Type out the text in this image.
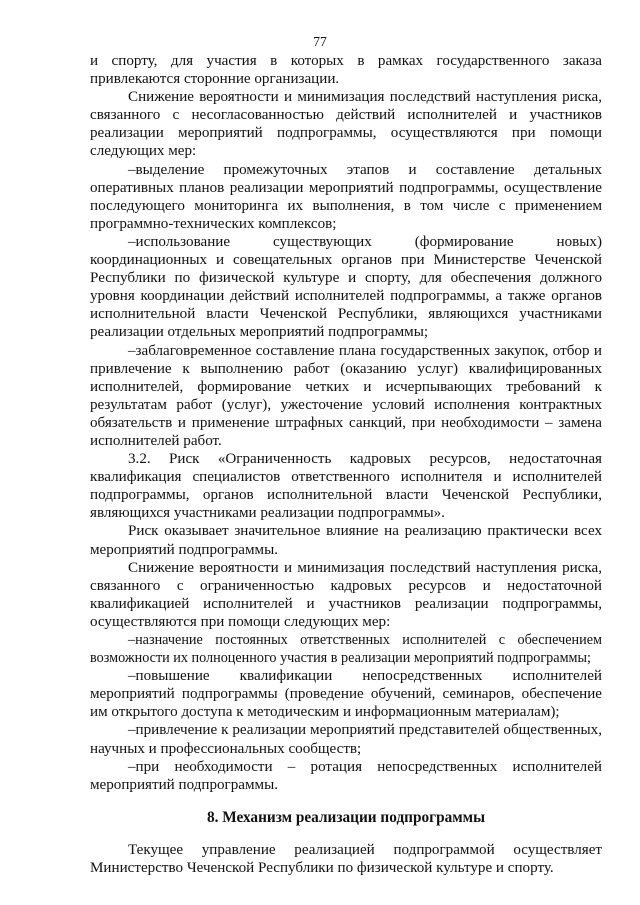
77

и спорту, для участия в которых в рамках государственного заказа привлекаются сторонние организации.

Снижение вероятности и минимизация последствий наступления риска, связанного с несогласованностью действий исполнителей и участников реализации мероприятий подпрограммы, осуществляются при помощи следующих мер:

–выделение промежуточных этапов и составление детальных оперативных планов реализации мероприятий подпрограммы, осуществление последующего мониторинга их выполнения, в том числе с применением программно-технических комплексов;

–использование существующих (формирование новых) координационных и совещательных органов при Министерстве Чеченской Республики по физической культуре и спорту, для обеспечения должного уровня координации действий исполнителей подпрограммы, а также органов исполнительной власти Чеченской Республики, являющихся участниками реализации отдельных мероприятий подпрограммы;

–заблаговременное составление плана государственных закупок, отбор и привлечение к выполнению работ (оказанию услуг) квалифицированных исполнителей, формирование четких и исчерпывающих требований к результатам работ (услуг), ужесточение условий исполнения контрактных обязательств и применение штрафных санкций, при необходимости – замена исполнителей работ.

3.2. Риск «Ограниченность кадровых ресурсов, недостаточная квалификация специалистов ответственного исполнителя и исполнителей подпрограммы, органов исполнительной власти Чеченской Республики, являющихся участниками реализации подпрограммы».

Риск оказывает значительное влияние на реализацию практически всех мероприятий подпрограммы.

Снижение вероятности и минимизация последствий наступления риска, связанного с ограниченностью кадровых ресурсов и недостаточной квалификацией исполнителей и участников реализации подпрограммы, осуществляются при помощи следующих мер:

–назначение постоянных ответственных исполнителей с обеспечением возможности их полноценного участия в реализации мероприятий подпрограммы;

–повышение квалификации непосредственных исполнителей мероприятий подпрограммы (проведение обучений, семинаров, обеспечение им открытого доступа к методическим и информационным материалам);

–привлечение к реализации мероприятий представителей общественных, научных и профессиональных сообществ;

–при необходимости – ротация непосредственных исполнителей мероприятий подпрограммы.

8. Механизм реализации подпрограммы

Текущее управление реализацией подпрограммой осуществляет Министерство Чеченской Республики по физической культуре и спорту.
